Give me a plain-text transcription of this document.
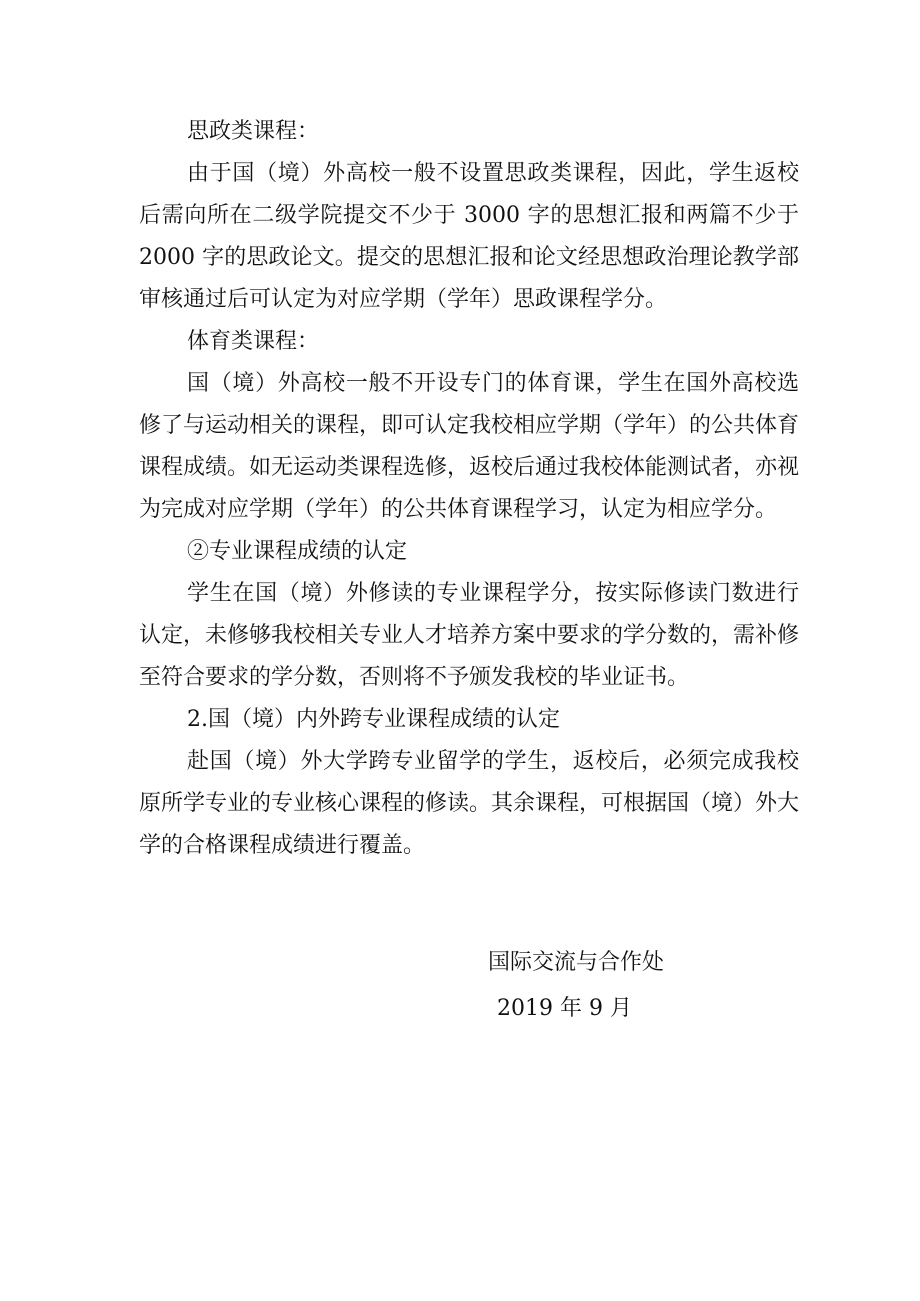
思政类课程：

由于国（境）外高校一般不设置思政类课程，因此，学生返校后需向所在二级学院提交不少于 3000 字的思想汇报和两篇不少于 2000 字的思政论文。提交的思想汇报和论文经思想政治理论教学部审核通过后可认定为对应学期（学年）思政课程学分。

体育类课程：

国（境）外高校一般不开设专门的体育课，学生在国外高校选修了与运动相关的课程，即可认定我校相应学期（学年）的公共体育课程成绩。如无运动类课程选修，返校后通过我校体能测试者，亦视为完成对应学期（学年）的公共体育课程学习，认定为相应学分。

②专业课程成绩的认定

学生在国（境）外修读的专业课程学分，按实际修读门数进行认定，未修够我校相关专业人才培养方案中要求的学分数的，需补修至符合要求的学分数，否则将不予颁发我校的毕业证书。

2.国（境）内外跨专业课程成绩的认定

赴国（境）外大学跨专业留学的学生，返校后，必须完成我校原所学专业的专业核心课程的修读。其余课程，可根据国（境）外大学的合格课程成绩进行覆盖。

国际交流与合作处
2019 年 9 月
